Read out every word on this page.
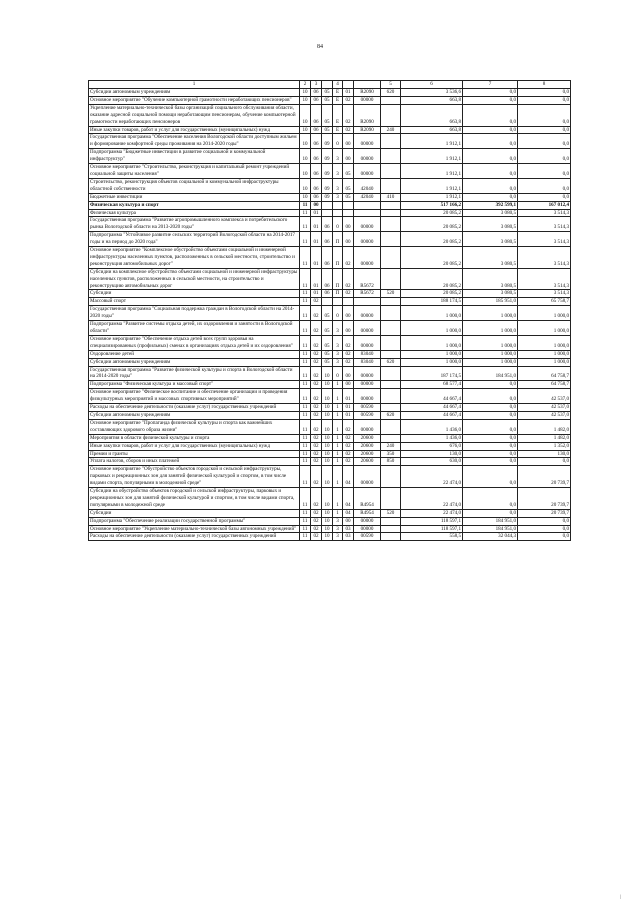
84
1	2	3		4			5	6	7	8
Субсидии автономным учреждениям	10	06	05	Е	01	R2090	620	3 536,6	0,0	0,0
Основное мероприятие "Обучение компьютерной грамотности неработающих пенсионеров"	10	06	05	Е	02	00000		663,8	0,0	0,0
Укрепление материально-технической базы организаций социального обслуживания области, оказание адресной социальной помощи неработающим пенсионерам, обучение компьютерной грамотности неработающих пенсионеров	10	06	05	Е	02	R2090		663,8	0,0	0,0
Иные закупки товаров, работ и услуг для государственных (муниципальных) нужд	10	06	05	Е	02	R2090	240	663,8	0,0	0,0
Государственная программа "Обеспечение населения Вологодской области доступным жильем и формирование комфортной среды проживания на 2014-2020 годы"	10	06	09	0	00	00000		1 912,1	0,0	0,0
Подпрограмма "Бюджетные инвестиции в развитие социальной и коммунальной инфраструктур"	10	06	09	3	00	00000		1 912,1	0,0	0,0
Основное мероприятие "Строительство, реконструкция и капитальный ремонт учреждений социальной защиты населения"	10	06	09	3	05	00000		1 912,1	0,0	0,0
Строительство, реконструкция объектов социальной и коммунальной инфраструктуры областной собственности	10	06	09	3	05	42040		1 912,1	0,0	0,0
Бюджетные инвестиции	10	06	09	3	05	42040	410	1 912,1	0,0	0,0
Физическая культура и спорт	11	00						517 166,2	392 599,1	167 012,4
Физическая культура	11	01						20 085,2	3 080,5	3 514,3
Государственная программа "Развитие агропромышленного комплекса и потребительского рынка Вологодской области на 2013-2020 годы"	11	01	06	0	00	00000		20 085,2	3 080,5	3 514,3
Подпрограмма "Устойчивое развитие сельских территорий Вологодской области на 2014-2017 годы и на период до 2020 года"	11	01	06	П	00	00000		20 085,2	3 080,5	3 514,3
Основное мероприятие "Комплексное обустройство объектами социальной и инженерной инфраструктуры населенных пунктов, расположенных в сельской местности, строительство и реконструкция автомобильных дорог"	11	01	06	П	02	00000		20 085,2	3 080,5	3 514,3
Субсидии на комплексное обустройство объектами социальной и инженерной инфраструктуры населенных пунктов, расположенных в сельской местности, на строительство и реконструкцию автомобильных дорог	11	01	06	П	02	R5672		20 085,2	3 080,5	3 514,3
Субсидии	11	01	06	П	02	R5672	520	20 085,2	3 080,5	3 514,3
Массовый спорт	11	02						188 174,5	185 951,0	65 758,7
Государственная программа "Социальная поддержка граждан в Вологодской области на 2014-2020 годы"	11	02	05	0	00	00000		1 000,0	1 000,0	1 000,0
Подпрограмма "Развитие системы отдыха детей, их оздоровления и занятости в Вологодской области"	11	02	05	3	00	00000		1 000,0	1 000,0	1 000,0
Основное мероприятие "Обеспечение отдыха детей всех групп здоровья на специализированных (профильных) сменах в организациях отдыха детей и их оздоровления"	11	02	05	3	02	00000		1 000,0	1 000,0	1 000,0
Оздоровление детей	11	02	05	3	02	83040		1 000,0	1 000,0	1 000,0
Субсидии автономным учреждениям	11	02	05	3	02	83040	620	1 000,0	1 000,0	1 000,0
Государственная программа "Развитие физической культуры и спорта в Вологодской области на 2014-2020 годы"	11	02	10	0	00	00000		187 174,5	184 951,0	64 758,7
Подпрограмма "Физическая культура и массовый спорт"	11	02	10	1	00	00000		68 577,4	0,0	64 758,7
Основное мероприятие "Физическое воспитание и обеспечение организации и проведения физкультурных мероприятий и массовых спортивных мероприятий"	11	02	10	1	01	00000		44 667,4	0,0	42 537,0
Расходы на обеспечение деятельности (оказание услуг) государственных учреждений	11	02	10	1	01	00590		44 667,4	0,0	42 537,0
Субсидии автономным учреждениям	11	02	10	1	01	00590	620	44 667,4	0,0	42 537,0
Основное мероприятие "Пропаганда физической культуры и спорта как важнейших составляющих здорового образа жизни"	11	02	10	1	02	00000		1 436,0	0,0	1 482,0
Мероприятия в области физической культуры и спорта	11	02	10	1	02	20600		1 436,0	0,0	1 482,0
Иные закупки товаров, работ и услуг для государственных (муниципальных) нужд	11	02	10	1	02	20600	240	676,0	0,0	1 352,0
Премии и гранты	11	02	10	1	02	20600	350	130,0	0,0	130,0
Уплата налогов, сборов и иных платежей	11	02	10	1	02	20600	850	630,0	0,0	0,0
Основное мероприятие "Обустройство объектов городской и сельской инфраструктуры, парковых и рекреационных зон для занятий физической культурой и спортом, в том числе видами спорта, популярными в молодежной среде"	11	02	10	1	04	00000		22 474,0	0,0	20 739,7
Субсидии на обустройство объектов городской и сельской инфраструктуры, парковых и рекреационных зон для занятий физической культурой и спортом, в том числе видами спорта, популярными в молодежной среде	11	02	10	1	04	R4954		22 474,0	0,0	20 739,7
Субсидии	11	02	10	1	04	R4954	520	22 474,0	0,0	20 739,7
Подпрограмма "Обеспечение реализации государственной программы"	11	02	10	3	00	00000		118 597,1	184 951,0	0,0
Основное мероприятие "Укрепление материально-технической базы автономных учреждений"	11	02	10	3	03	00000		118 597,1	184 951,0	0,0
Расходы на обеспечение деятельности (оказание услуг) государственных учреждений	11	02	10	3	03	00590		558,5	32 044,3	0,0
|
